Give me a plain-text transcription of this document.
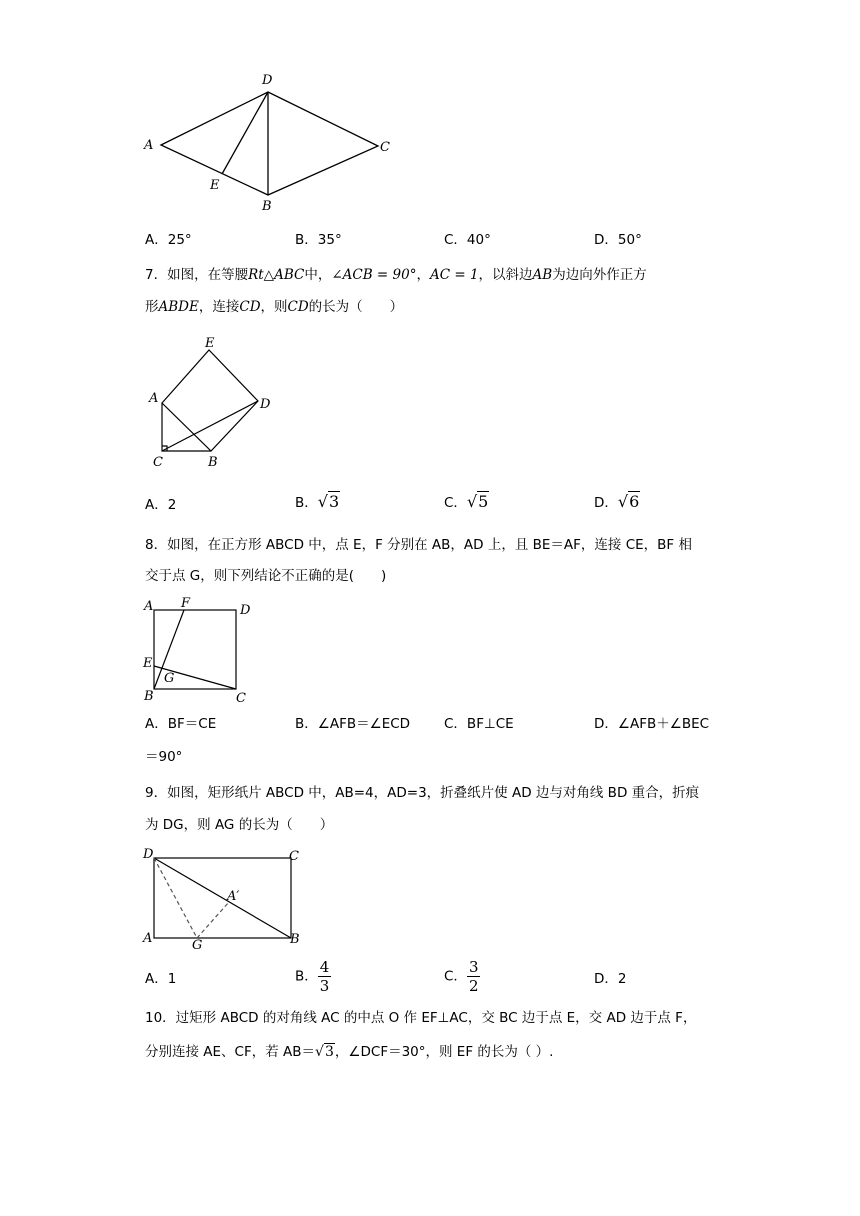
A
D
C
B
E
A．25°	B．35°	C．40°	D．50°
7．如图，在等腰Rt△ABC中，∠ACB = 90°，AC = 1，以斜边AB为边向外作正方
形ABDE，连接CD，则CD的长为（　　）
A
E
D
C	B
A．2	B．√3	C．√5	D．√6
8．如图，在正方形 ABCD 中，点 E，F 分别在 AB，AD 上，且 BE＝AF，连接 CE，BF 相
交于点 G，则下列结论不正确的是(　　)
A F	D
E
G
B	C
A．BF＝CE	B．∠AFB＝∠ECD	C．BF⊥CE	D．∠AFB＋∠BEC
＝90°
9．如图，矩形纸片 ABCD 中，AB=4，AD=3，折叠纸片使 AD 边与对角线 BD 重合，折痕
为 DG，则 AG 的长为（　　）
D	C
A′
A	G	B
A．1	B． $\frac{4}{3}$	C． $\frac{3}{2}$	D．2
10．过矩形 ABCD 的对角线 AC 的中点 O 作 EF⊥AC，交 BC 边于点 E，交 AD 边于点 F，
分别连接 AE、CF，若 AB＝√3，∠DCF＝30°，则 EF 的长为（ ）.
